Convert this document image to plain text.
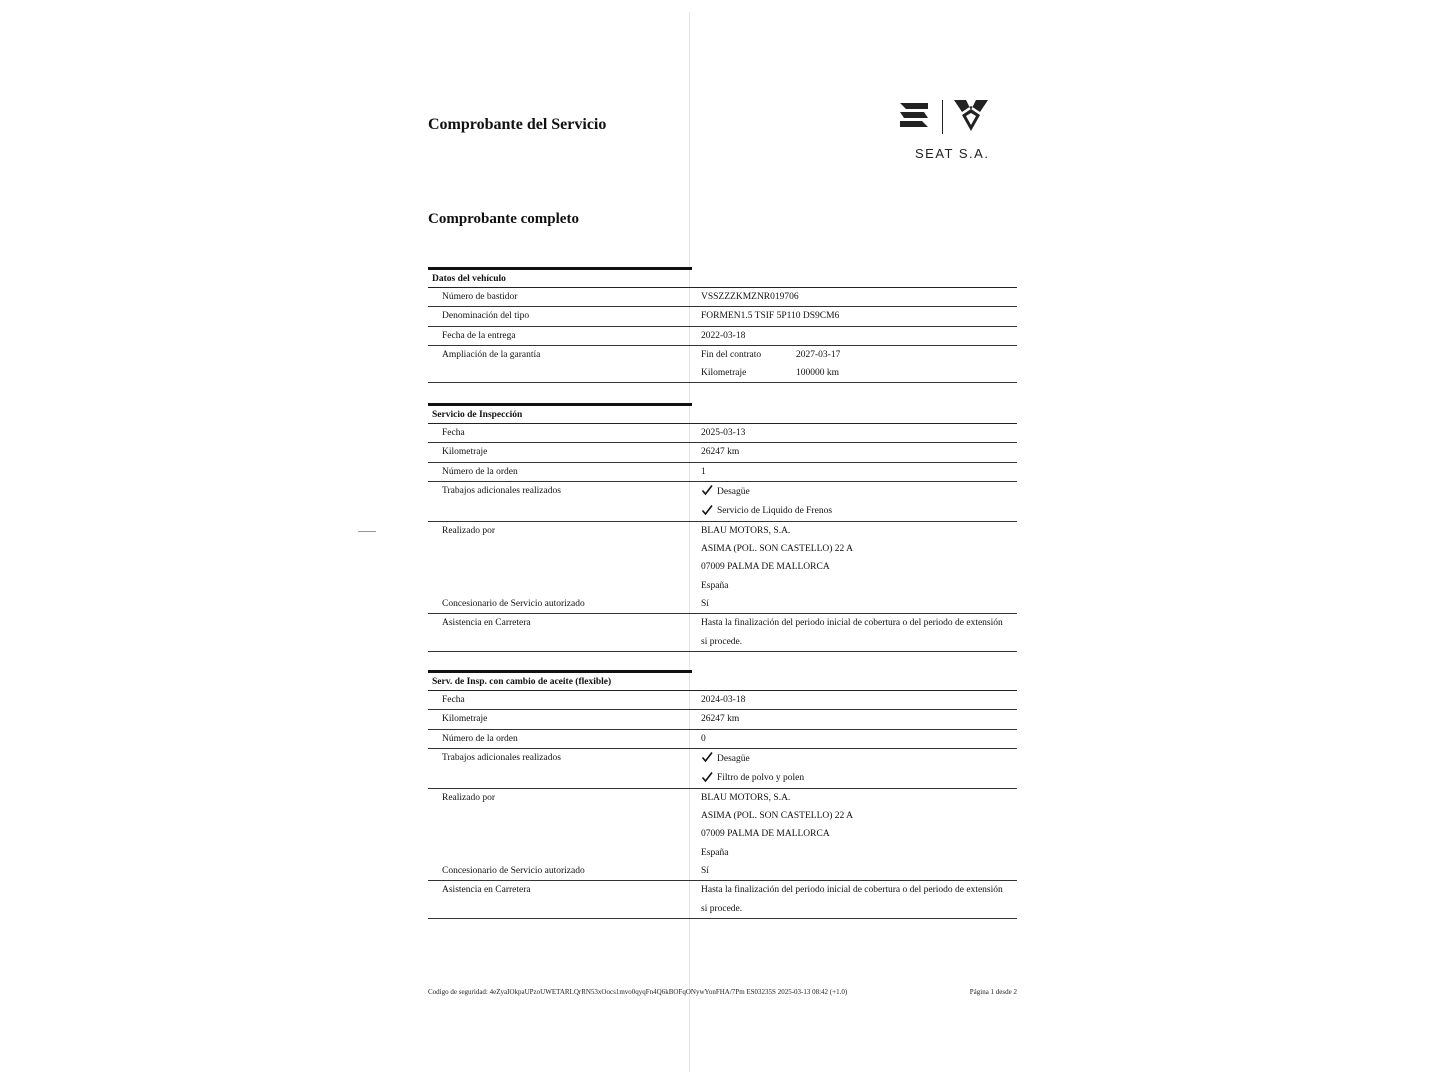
Comprobante del Servicio
Comprobante completo
SEAT S.A.
Datos del vehículo
Número de bastidor	VSSZZZKMZNR019706
Denominación del tipo	FORMEN1.5 TSIF 5P110 DS9CM6
Fecha de la entrega	2022-03-18
Ampliación de la garantía	Fin del contrato	2027-03-17
Kilometraje	100000 km
Servicio de Inspección
Fecha	2025-03-13
Kilometraje	26247 km
Número de la orden	1
Trabajos adicionales realizados	Desagüe
Servicio de Liquido de Frenos
Realizado por	BLAU MOTORS, S.A.
ASIMA (POL. SON CASTELLO) 22 A
07009 PALMA DE MALLORCA
España
Concesionario de Servicio autorizado	Sí
Asistencia en Carretera	Hasta la finalización del periodo inicial de cobertura o del periodo de extensión
si procede.
Serv. de Insp. con cambio de aceite (flexible)
Fecha	2024-03-18
Kilometraje	26247 km
Número de la orden	0
Trabajos adicionales realizados	Desagüe
Filtro de polvo y polen
Realizado por	BLAU MOTORS, S.A.
ASIMA (POL. SON CASTELLO) 22 A
07009 PALMA DE MALLORCA
España
Concesionario de Servicio autorizado	Sí
Asistencia en Carretera	Hasta la finalización del periodo inicial de cobertura o del periodo de extensión
si procede.
Codigo de seguridad: 4eZyaIOkpaUPzoUWETARLQrRN53xOocs1mvo0qyqFn4Q6kBOFqONywYonFHA/7Pm ES03235S 2025-03-13 08:42 (+1.0)	Página 1 desde 2
